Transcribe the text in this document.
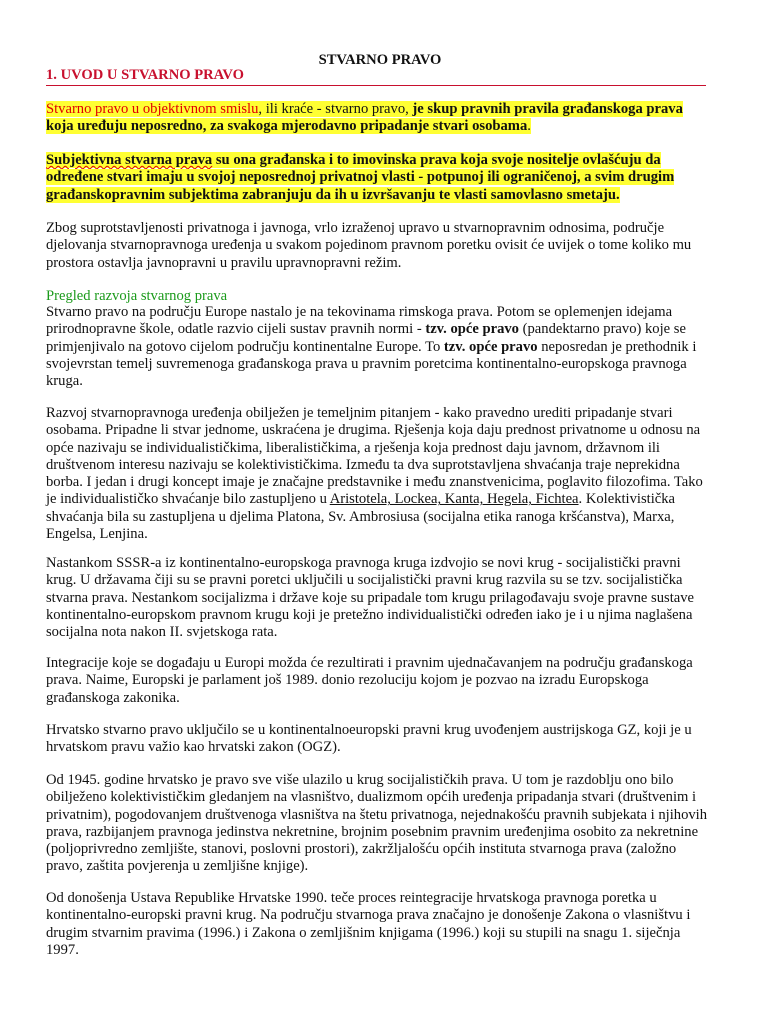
STVARNO PRAVO
1. UVOD U STVARNO PRAVO

Stvarno pravo u objektivnom smislu, ili kraće - stvarno pravo, je skup pravnih pravila građanskoga prava koja uređuju neposredno, za svakoga mjerodavno pripadanje stvari osobama.

Subjektivna stvarna prava su ona građanska i to imovinska prava koja svoje nositelje ovlašćuju da određene stvari imaju u svojoj neposrednoj privatnoj vlasti - potpunoj ili ograničenoj, a svim drugim građanskopravnim subjektima zabranjuju da ih u izvršavanju te vlasti samovlasno smetaju.

Zbog suprotstavljenosti privatnoga i javnoga, vrlo izraženoj upravo u stvarnopravnim odnosima, područje djelovanja stvarnopravnoga uređenja u svakom pojedinom pravnom poretku ovisit će uvijek o tome koliko mu prostora ostavlja javnopravni u pravilu upravnopravni režim.

Pregled razvoja stvarnog prava

Stvarno pravo na području Europe nastalo je na tekovinama rimskoga prava. Potom se oplemenjen idejama prirodnopravne škole, odatle razvio cijeli sustav pravnih normi - tzv. opće pravo (pandektarno pravo) koje se primjenjivalo na gotovo cijelom području kontinentalne Europe. To tzv. opće pravo neposredan je prethodnik i svojevrstan temelj suvremenoga građanskoga prava u pravnim poretcima kontinentalno-europskoga pravnoga kruga.

Razvoj stvarnopravnoga uređenja obilježen je temeljnim pitanjem - kako pravedno urediti pripadanje stvari osobama. Pripadne li stvar jednome, uskraćena je drugima. Rješenja koja daju prednost privatnome u odnosu na opće nazivaju se individualističkima, liberalističkima, a rješenja koja prednost daju javnom, državnom ili društvenom interesu nazivaju se kolektivističkima. Između ta dva suprotstavljena shvaćanja traje neprekidna borba. I jedan i drugi koncept imaje je značajne predstavnike i među znanstvenicima, poglavito filozofima. Tako je individualističko shvaćanje bilo zastupljeno u Aristotela, Lockea, Kanta, Hegela, Fichtea. Kolektivistička shvaćanja bila su zastupljena u djelima Platona, Sv. Ambrosiusa (socijalna etika ranoga kršćanstva), Marxa, Engelsa, Lenjina.

Nastankom SSSR-a iz kontinentalno-europskoga pravnoga kruga izdvojio se novi krug - socijalistički pravni krug. U državama čiji su se pravni poretci uključili u socijalistički pravni krug razvila su se tzv. socijalistička stvarna prava. Nestankom socijalizma i države koje su pripadale tom krugu prilagođavaju svoje pravne sustave kontinentalno-europskom pravnom krugu koji je pretežno individualistički određen iako je i u njima naglašena socijalna nota nakon II. svjetskoga rata.

Integracije koje se događaju u Europi možda će rezultirati i pravnim ujednačavanjem na području građanskoga prava. Naime, Europski je parlament još 1989. donio rezoluciju kojom je pozvao na izradu Europskoga građanskoga zakonika.

Hrvatsko stvarno pravo uključilo se u kontinentalnoeuropski pravni krug uvođenjem austrijskoga GZ, koji je u hrvatskom pravu važio kao hrvatski zakon (OGZ).

Od 1945. godine hrvatsko je pravo sve više ulazilo u krug socijalističkih prava. U tom je razdoblju ono bilo obilježeno kolektivističkim gledanjem na vlasništvo, dualizmom općih uređenja pripadanja stvari (društvenim i privatnim), pogodovanjem društvenoga vlasništva na štetu privatnoga, nejednakošću pravnih subjekata i njihovih prava, razbijanjem pravnoga jedinstva nekretnine, brojnim posebnim pravnim uređenjima osobito za nekretnine (poljoprivredno zemljište, stanovi, poslovni prostori), zakržljalošću općih instituta stvarnoga prava (založno pravo, zaštita povjerenja u zemljišne knjige).

Od donošenja Ustava Republike Hrvatske 1990. teče proces reintegracije hrvatskoga pravnoga poretka u kontinentalno-europski pravni krug. Na području stvarnoga prava značajno je donošenje Zakona o vlasništvu i drugim stvarnim pravima (1996.) i Zakona o zemljišnim knjigama (1996.) koji su stupili na snagu 1. siječnja 1997.
